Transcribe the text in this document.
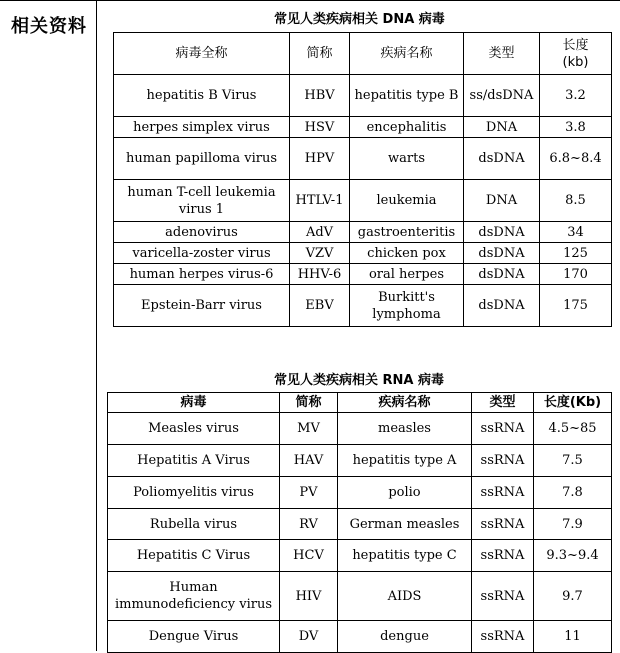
相关资料	常见人类疾病相关 DNA 病毒
病毒全称	简称	疾病名称	类型	长度
(kb)
hepatitis B Virus	HBV	hepatitis type B	ss/dsDNA	3.2
herpes simplex virus	HSV	encephalitis	DNA	3.8
human papilloma virus	HPV	warts	dsDNA	6.8~8.4
human T-cell leukemia virus 1	HTLV-1	leukemia	DNA	8.5
adenovirus	AdV	gastroenteritis	dsDNA	34
varicella-zoster virus	VZV	chicken pox	dsDNA	125
human herpes virus-6	HHV-6	oral herpes	dsDNA	170
Epstein-Barr virus	EBV	Burkitt's lymphoma	dsDNA	175
常见人类疾病相关 RNA 病毒
病毒	简称	疾病名称	类型	长度(Kb)
Measles virus	MV	measles	ssRNA	4.5~85
Hepatitis A Virus	HAV	hepatitis type A	ssRNA	7.5
Poliomyelitis virus	PV	polio	ssRNA	7.8
Rubella virus	RV	German measles	ssRNA	7.9
Hepatitis C Virus	HCV	hepatitis type C	ssRNA	9.3~9.4
Human immunodeficiency virus	HIV	AIDS	ssRNA	9.7
Dengue Virus	DV	dengue	ssRNA	11
